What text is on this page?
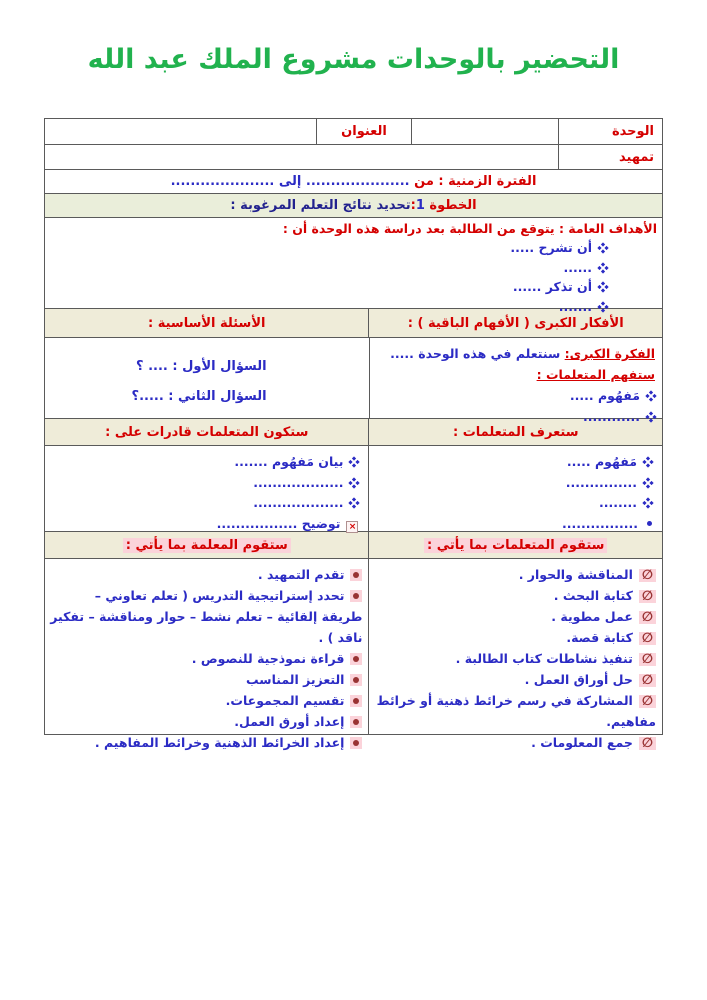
التحضير بالوحدات مشروع الملك عبد الله
الوحدة
العنوان
تمهيد
الفترة الزمنية : من

.....................

إلى

.....................
الخطوة

1
:
تحديد نتائج التعلم المرغوبة :
الأهداف العامة : يتوقع من الطالبة بعد دراسة هذه الوحدة أن :
أن تشرح .....
......
أن تذكر ......
.......
الأفكار الكبرى ( الأفهام الباقية ) :
الأسئلة الأساسية :
الفكرة الكبرى: سنتعلم في هذه الوحدة .....
ستفهم المتعلمات :
مَفهُوم .....
............
السؤال الأول : .... ؟
السؤال الثاني : .....؟
ستعرف المتعلمات :
ستكون المتعلمات قادرات على :
مَفهُوم .....
...............
........
................
بيان مَفهُوم .......
...................
...................
×توضيح .................
ستقوم المتعلمات بما يأتي :
ستقوم المعلمة بما يأتي :
∅المناقشة والحوار .
∅كتابة البحث .
∅عمل مطوية .
∅كتابة قصة.
∅تنفيذ نشاطات كتاب الطالبة .
∅حل أوراق العمل .
∅المشاركة في رسم خرائط ذهنية أو خرائط مفاهيم.
∅جمع المعلومات .
تقدم التمهيد .
تحدد إستراتيجية التدريس ( تعلم تعاوني – طريقة إلقائية – تعلم نشط – حوار ومناقشة – تفكير ناقد ) .
قراءة نموذجية للنصوص .
التعزيز المناسب
تقسيم المجموعات.
إعداد أورق العمل.
إعداد الخرائط الذهنية وخرائط المفاهيم .
